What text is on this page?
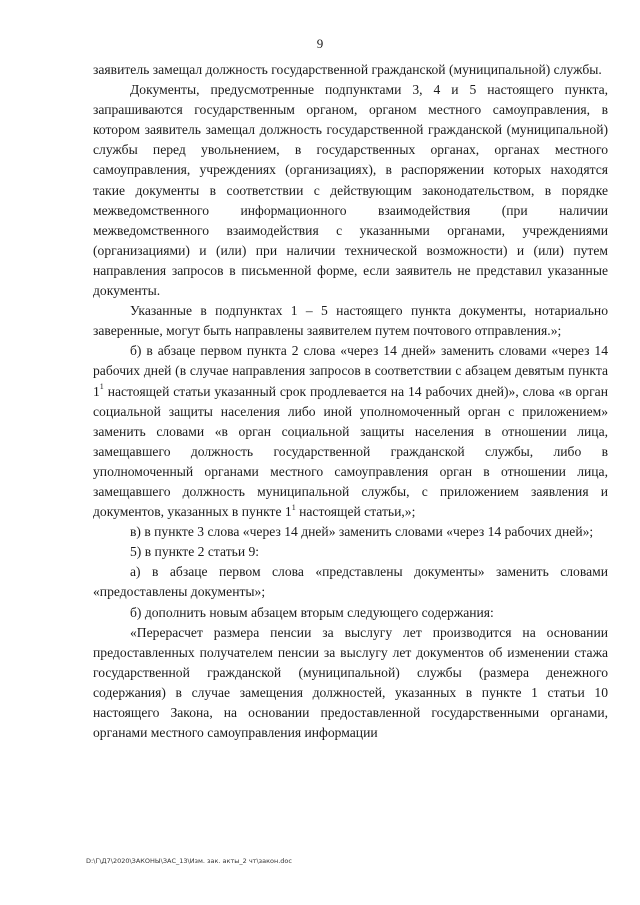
9

заявитель замещал должность государственной гражданской (муниципальной) службы.

Документы, предусмотренные подпунктами 3, 4 и 5 настоящего пункта, запрашиваются государственным органом, органом местного самоуправления, в котором заявитель замещал должность государственной гражданской (муниципальной) службы перед увольнением, в государственных органах, органах местного самоуправления, учреждениях (организациях), в распоряжении которых находятся такие документы в соответствии с действующим законодательством, в порядке межведомственного информационного взаимодействия (при наличии межведомственного взаимодействия с указанными органами, учреждениями (организациями) и (или) при наличии технической возможности) и (или) путем направления запросов в письменной форме, если заявитель не представил указанные документы.

Указанные в подпунктах 1 – 5 настоящего пункта документы, нотариально заверенные, могут быть направлены заявителем путем почтового отправления.»;

б) в абзаце первом пункта 2 слова «через 14 дней» заменить словами «через 14 рабочих дней (в случае направления запросов в соответствии с абзацем девятым пункта $1^1$ настоящей статьи указанный срок продлевается на 14 рабочих дней)», слова «в орган социальной защиты населения либо иной уполномоченный орган с приложением» заменить словами «в орган социальной защиты населения в отношении лица, замещавшего должность государственной гражданской службы, либо в уполномоченный органами местного самоуправления орган в отношении лица, замещавшего должность муниципальной службы, с приложением заявления и документов, указанных в пункте $1^1$ настоящей статьи,»;

в) в пункте 3 слова «через 14 дней» заменить словами «через 14 рабочих дней»;

5) в пункте 2 статьи 9:

а) в абзаце первом слова «представлены документы» заменить словами «предоставлены документы»;

б) дополнить новым абзацем вторым следующего содержания:

«Перерасчет размера пенсии за выслугу лет производится на основании предоставленных получателем пенсии за выслугу лет документов об изменении стажа государственной гражданской (муниципальной) службы (размера денежного содержания) в случае замещения должностей, указанных в пункте 1 статьи 10 настоящего Закона, на основании предоставленной государственными органами, органами местного самоуправления информации

D:\Г\Д7\2020\ЗАКОНЫ\ЗАС_13\Изм. зак. акты_2 чт\закон.doc
